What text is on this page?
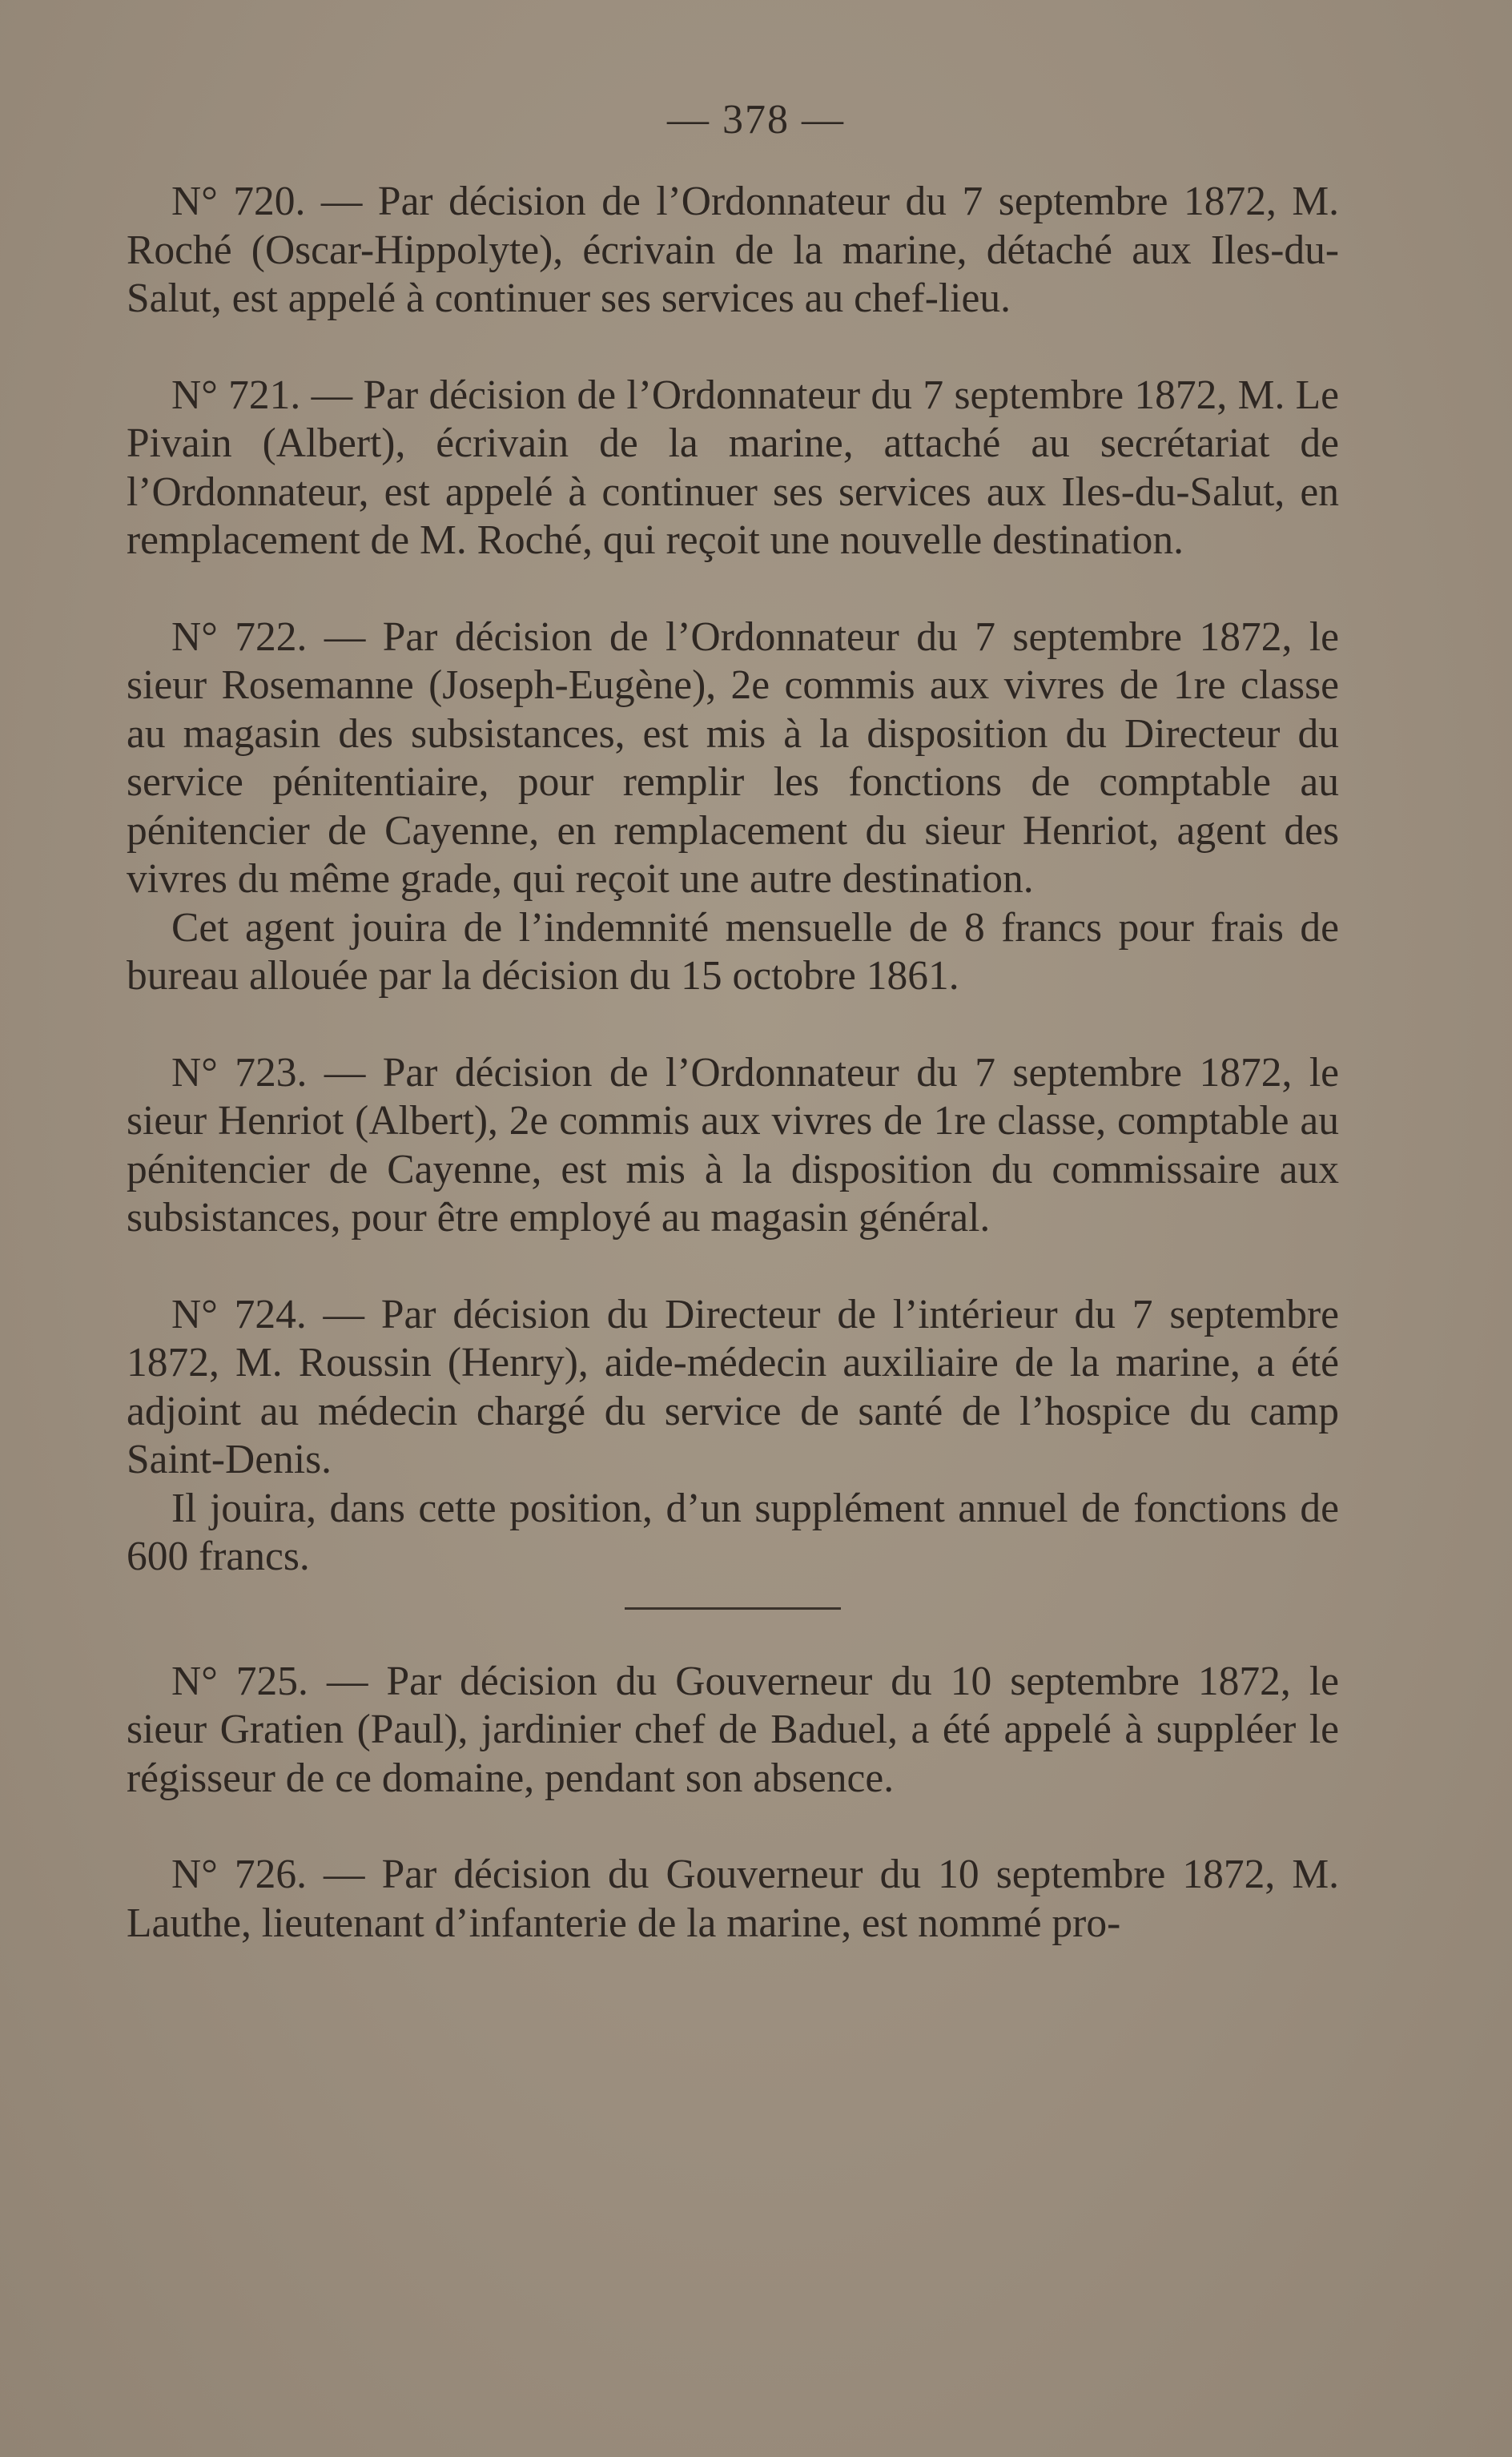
— 378 —

N° 720. — Par décision de l’Ordonnateur du 7 septembre 1872, M. Roché (Oscar-Hippolyte), écrivain de la marine, détaché aux Iles-du-Salut, est appelé à continuer ses services au chef-lieu.

N° 721. — Par décision de l’Ordonnateur du 7 septembre 1872, M. Le Pivain (Albert), écrivain de la marine, attaché au secrétariat de l’Ordonnateur, est appelé à continuer ses services aux Iles-du-Salut, en remplacement de M. Roché, qui reçoit une nouvelle destination.

N° 722. — Par décision de l’Ordonnateur du 7 septembre 1872, le sieur Rosemanne (Joseph-Eugène), 2e commis aux vivres de 1re classe au magasin des subsistances, est mis à la disposition du Directeur du service pénitentiaire, pour remplir les fonctions de comptable au pénitencier de Cayenne, en remplacement du sieur Henriot, agent des vivres du même grade, qui reçoit une autre destination.

Cet agent jouira de l’indemnité mensuelle de 8 francs pour frais de bureau allouée par la décision du 15 octobre 1861.

N° 723. — Par décision de l’Ordonnateur du 7 septembre 1872, le sieur Henriot (Albert), 2e commis aux vivres de 1re classe, comptable au pénitencier de Cayenne, est mis à la disposition du commissaire aux subsistances, pour être employé au magasin général.

N° 724. — Par décision du Directeur de l’intérieur du 7 septembre 1872, M. Roussin (Henry), aide-médecin auxiliaire de la marine, a été adjoint au médecin chargé du service de santé de l’hospice du camp Saint-Denis.

Il jouira, dans cette position, d’un supplément annuel de fonctions de 600 francs.

N° 725. — Par décision du Gouverneur du 10 septembre 1872, le sieur Gratien (Paul), jardinier chef de Baduel, a été appelé à suppléer le régisseur de ce domaine, pendant son absence.

N° 726. — Par décision du Gouverneur du 10 septembre 1872, M. Lauthe, lieutenant d’infanterie de la marine, est nommé pro-
